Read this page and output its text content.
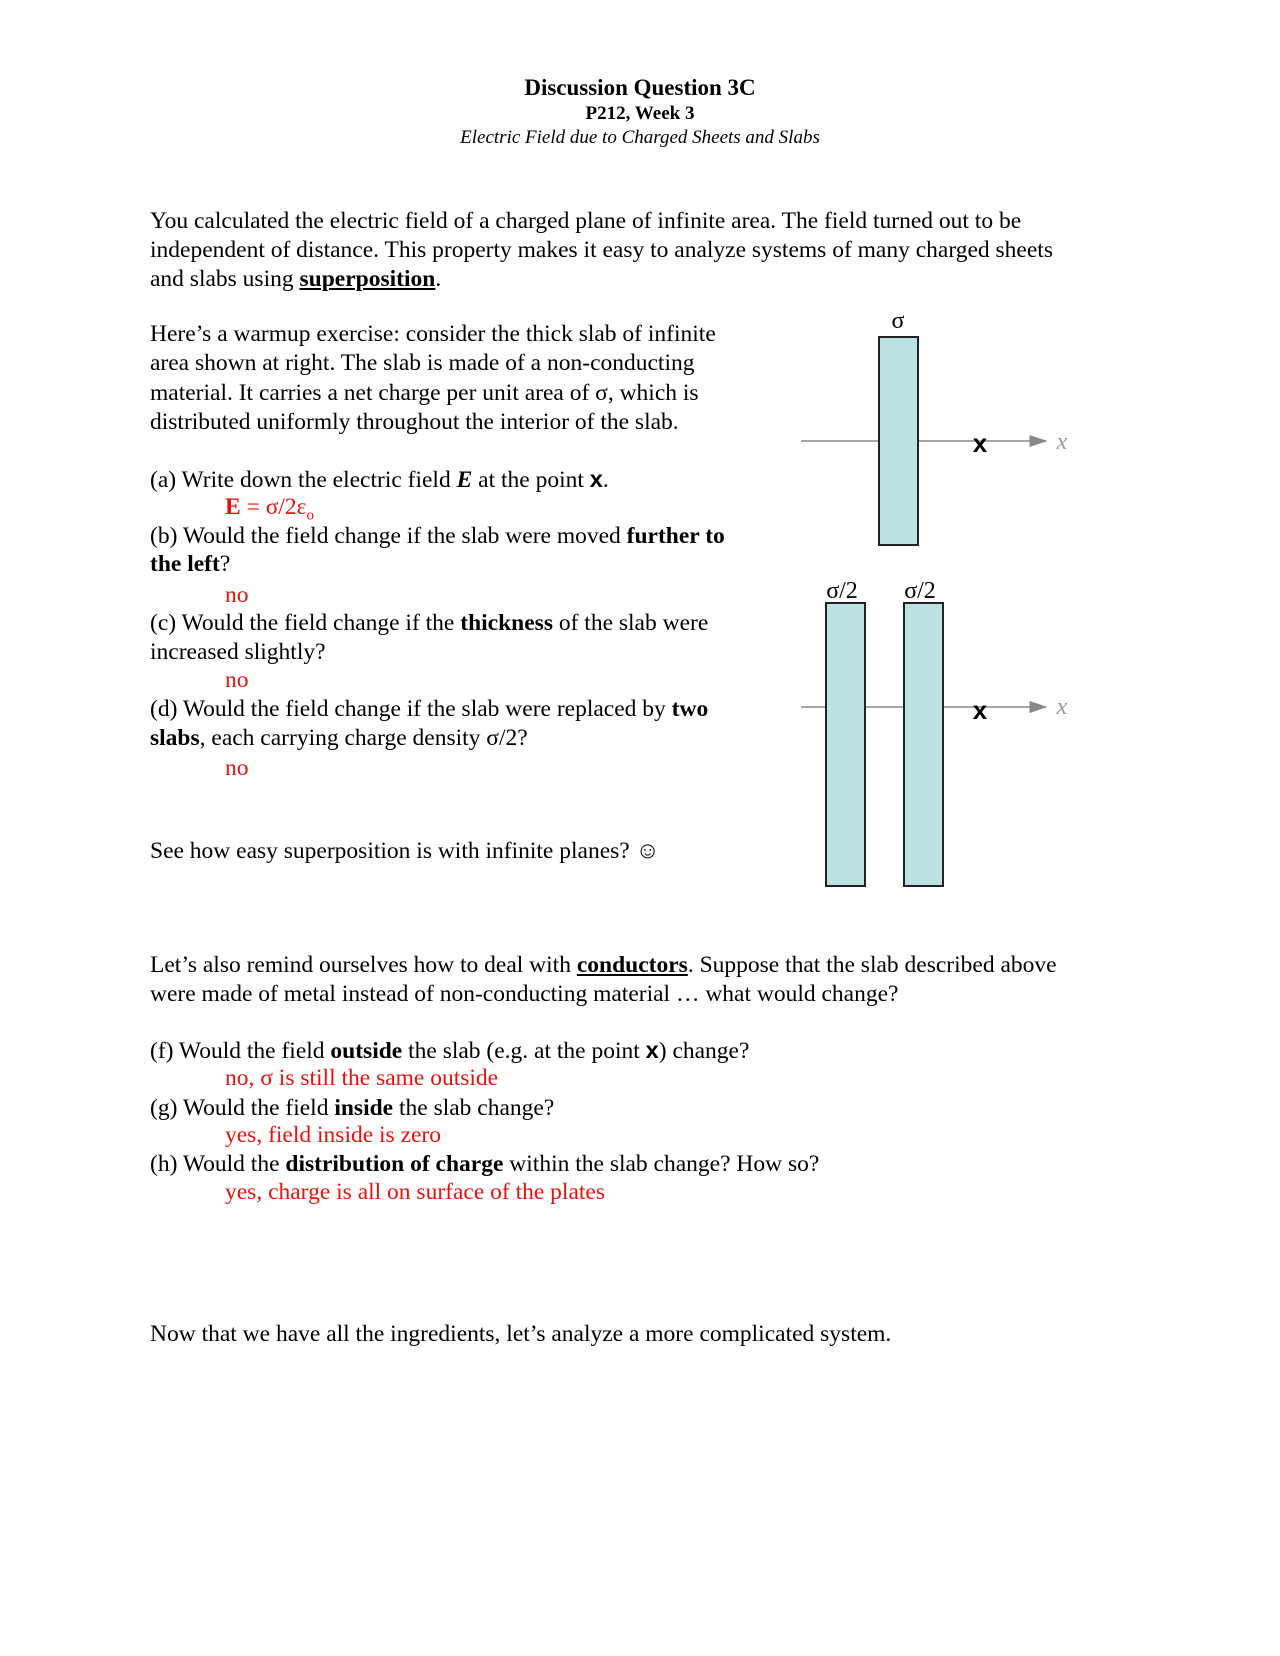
Discussion Question 3C
P212, Week 3
Electric Field due to Charged Sheets and Slabs
You calculated the electric field of a charged plane of infinite area. The field turned out to be
independent of distance. This property makes it easy to analyze systems of many charged sheets
and slabs using superposition.
Here’s a warmup exercise: consider the thick slab of infinite
area shown at right. The slab is made of a non-conducting
material. It carries a net charge per unit area of σ, which is
distributed uniformly throughout the interior of the slab.
(a) Write down the electric field E at the point x.
$E = \sigma/2\varepsilon_o$
(b) Would the field change if the slab were moved further to
the left?
no
(c) Would the field change if the thickness of the slab were
increased slightly?
no
(d) Would the field change if the slab were replaced by two
slabs, each carrying charge density σ/2?
no
See how easy superposition is with infinite planes? ☺
Let’s also remind ourselves how to deal with conductors. Suppose that the slab described above
were made of metal instead of non-conducting material … what would change?
(f) Would the field outside the slab (e.g. at the point x) change?
no, σ is still the same outside
(g) Would the field inside the slab change?
yes, field inside is zero
(h) Would the distribution of charge within the slab change? How so?
yes, charge is all on surface of the plates
Now that we have all the ingredients, let’s analyze a more complicated system.
σ
x	x
σ/2 σ/2
x	x
